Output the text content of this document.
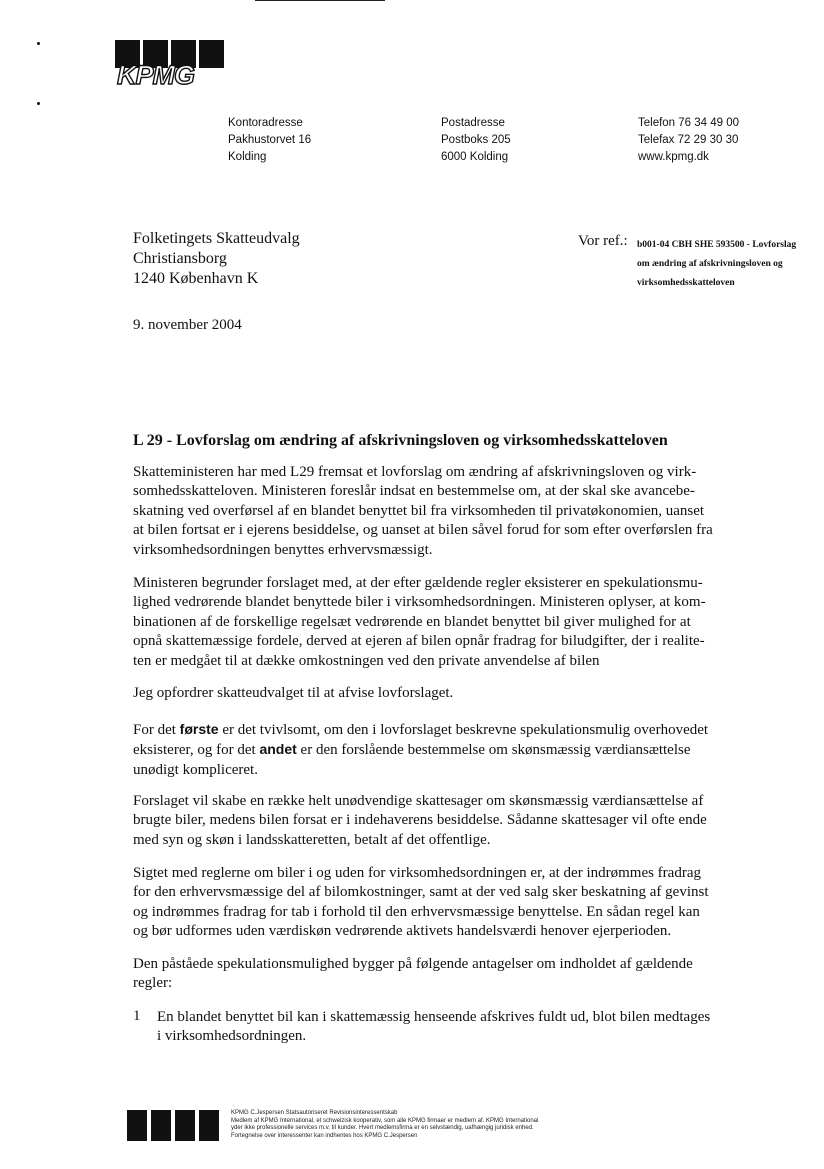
KPMG
Kontoradresse
Pakhustorvet 16
Kolding
Postadresse
Postboks 205
6000 Kolding
Telefon 76 34 49 00
Telefax 72 29 30 30
www.kpmg.dk
Folketingets Skatteudvalg
Christiansborg
1240 København K
Vor ref.: b001-04 CBH SHE 593500 - Lovforslag
om ændring af afskrivningsloven og
virksomhedsskatteloven
9. november 2004
L 29 - Lovforslag om ændring af afskrivningsloven og virksomhedsskatteloven
Skatteministeren har med L29 fremsat et lovforslag om ændring af afskrivningsloven og virk-
somhedsskatteloven. Ministeren foreslår indsat en bestemmelse om, at der skal ske avancebe-
skatning ved overførsel af en blandet benyttet bil fra virksomheden til privatøkonomien, uanset
at bilen fortsat er i ejerens besiddelse, og uanset at bilen såvel forud for som efter overførslen fra
virksomhedsordningen benyttes erhvervsmæssigt.
Ministeren begrunder forslaget med, at der efter gældende regler eksisterer en spekulationsmu-
lighed vedrørende blandet benyttede biler i virksomhedsordningen. Ministeren oplyser, at kom-
binationen af de forskellige regelsæt vedrørende en blandet benyttet bil giver mulighed for at
opnå skattemæssige fordele, derved at ejeren af bilen opnår fradrag for biludgifter, der i realite-
ten er medgået til at dække omkostningen ved den private anvendelse af bilen
Jeg opfordrer skatteudvalget til at afvise lovforslaget.
For det første er det tvivlsomt, om den i lovforslaget beskrevne spekulationsmulig overhovedet
eksisterer, og for det andet er den forslående bestemmelse om skønsmæssig værdiansættelse
unødigt kompliceret.
Forslaget vil skabe en række helt unødvendige skattesager om skønsmæssig værdiansættelse af
brugte biler, medens bilen forsat er i indehaverens besiddelse. Sådanne skattesager vil ofte ende
med syn og skøn i landsskatteretten, betalt af det offentlige.
Sigtet med reglerne om biler i og uden for virksomhedsordningen er, at der indrømmes fradrag
for den erhvervsmæssige del af bilomkostninger, samt at der ved salg sker beskatning af gevinst
og indrømmes fradrag for tab i forhold til den erhvervsmæssige benyttelse. En sådan regel kan
og bør udformes uden værdiskøn vedrørende aktivets handelsværdi henover ejerperioden.
Den påståede spekulationsmulighed bygger på følgende antagelser om indholdet af gældende
regler:
1 En blandet benyttet bil kan i skattemæssig henseende afskrives fuldt ud, blot bilen medtages
i virksomhedsordningen.
KPMG C.Jespersen Statsautoriseret Revisionsinteressentskab
Medlem af KPMG International, et schweizisk kooperativ, som alle KPMG firmaer er medlem af. KPMG International
yder ikke professionelle services m.v. til kunder. Hvert medlemsfirma er en selvstændig, uafhængig juridisk enhed.
Fortegnelse over interessenter kan indhentes hos KPMG C.Jespersen
